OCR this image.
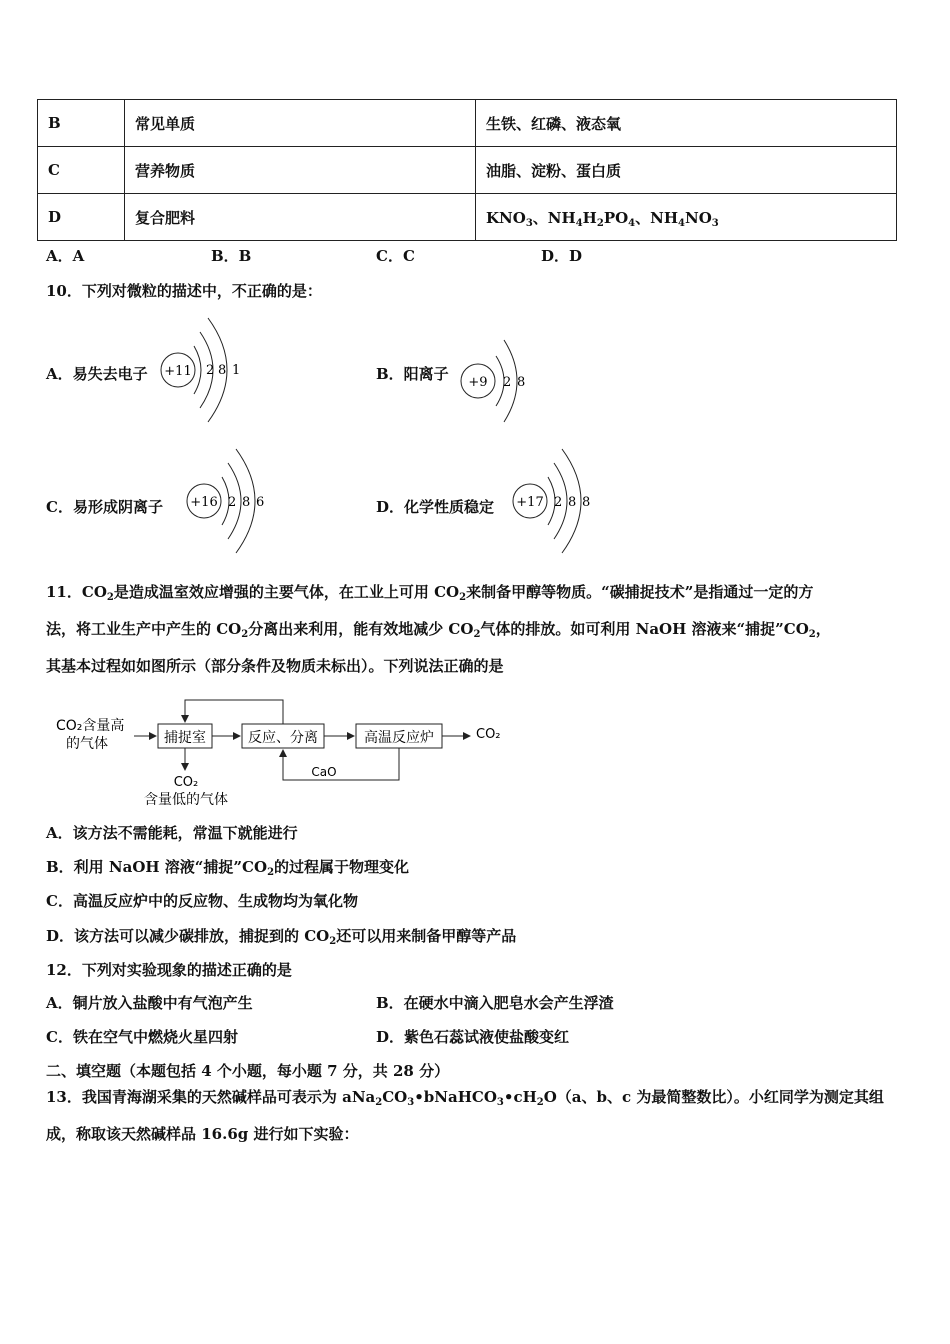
B	常见单质	生铁、红磷、液态氧
C	营养物质	油脂、淀粉、蛋白质
D	复合肥料	$KNO_3$、$NH_4H_2PO_4$、$NH_4NO_3$
A．A	B．B	C．C	D．D
10．下列对微粒的描述中，不正确的是：
A．易失去电子	B．阳离子
C．易形成阴离子	D．化学性质稳定
+11 2 8 1
+9 2 8
+16 2 8 6	+17 2 8 8
11．$CO_2$是造成温室效应增强的主要气体，在工业上可用 $CO_2$来制备甲醇等物质。“碳捕捉技术”是指通过一定的方
法，将工业生产中产生的 $CO_2$分离出来利用，能有效地减少 $CO_2$气体的排放。如可利用 NaOH 溶液来“捕捉$”CO_2$，
其基本过程如如图所示（部分条件及物质未标出）。下列说法正确的是
CO₂含量高
的气体	捕捉室	反应、分离	高温反应炉	CO₂
CaO
CO₂
含量低的气体
A．该方法不需能耗，常温下就能进行
B．利用 NaOH 溶液“捕捉$”CO_2$的过程属于物理变化
C．高温反应炉中的反应物、生成物均为氧化物
D．该方法可以减少碳排放，捕捉到的 $CO_2$还可以用来制备甲醇等产品
12．下列对实验现象的描述正确的是
A．铜片放入盐酸中有气泡产生	B．在硬水中滴入肥皂水会产生浮渣
C．铁在空气中燃烧火星四射	D．紫色石蕊试液使盐酸变红
二、填空题（本题包括 4 个小题，每小题 7 分，共 28 分）
13．我国青海湖采集的天然碱样品可表示为 $aNa_2CO_3•bNaHCO_3•cH_2O(a$、b、c 为最简整数比）。小红同学为测定其组
成，称取该天然碱样品 16.6g 进行如下实验：
